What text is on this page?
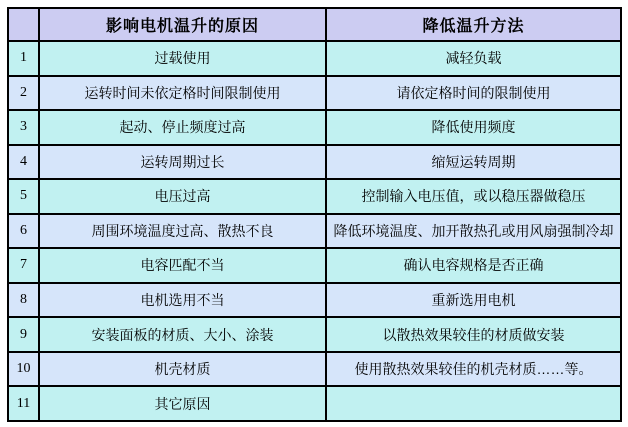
	影响电机温升的原因	降低温升方法
1	过载使用	减轻负载
2	运转时间未依定格时间限制使用	请依定格时间的限制使用
3	起动、停止频度过高	降低使用频度
4	运转周期过长	缩短运转周期
5	电压过高	控制输入电压值，或以稳压器做稳压
6	周围环境温度过高、散热不良	降低环境温度、加开散热孔或用风扇强制冷却
7	电容匹配不当	确认电容规格是否正确
8	电机选用不当	重新选用电机
9	安装面板的材质、大小、涂装	以散热效果较佳的材质做安装
10	机壳材质	使用散热效果较佳的机壳材质……等。
11	其它原因	
